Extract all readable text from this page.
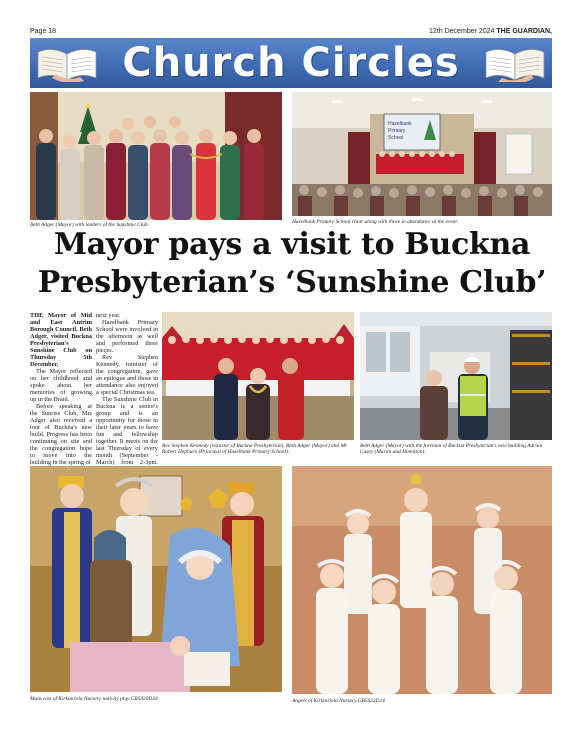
Page 18	12th December 2024 THE GUARDIAN,
Church Circles
Beth Adger (Mayor) with leaders of the Sunshine Club.
Hazelbank
Primary
School
Hazelbank Primary School choir along with those in attendance at the event.
Mayor pays a visit to Buckna Presbyterian’s ‘Sunshine Club’

THE Mayor of Mid and East Antrim Borough Council, Beth Adger, visited Buckna Presbyterian's Sunshine Club on Thursday 5th December.

The Mayor reflected on her childhood and spoke about her memories of growing up in the Braid.

Before speaking at the Sunrise Club, Mrs Adger also received a tour of Buckna's new build. Progress has been continuing on site and the congregation hope to move into the building in the spring of

next year.

Hazelbank Primary School were involved in the afternoon as well and performed three pieces.

Rev Stephen Kennedy, minister of the congregation, gave an epilogue and those in attendance also enjoyed a special Christmas tea.

The Sunshine Club in Buckna is a senior's group and is an opportunity for those in their later years to have fun and fellowship together. It meets on the last Thursday of every month (September - March) from 2-3pm.

Rev Stephen Kennedy (minister of Buckna Presbyterian), Beth Adger (Mayor) and Mr Robert Hepburn (Principal of Hazelbank Primary School).
Beth Adger (Mayor) with the foreman of Buckna Presbyterian's new building Adrian Casey (Martin and Hamilton).
Main cast of Kirkinriola Nursery nativity play.GB5020D24	Angels of Kirkinriola Nursery.GB5022D24
